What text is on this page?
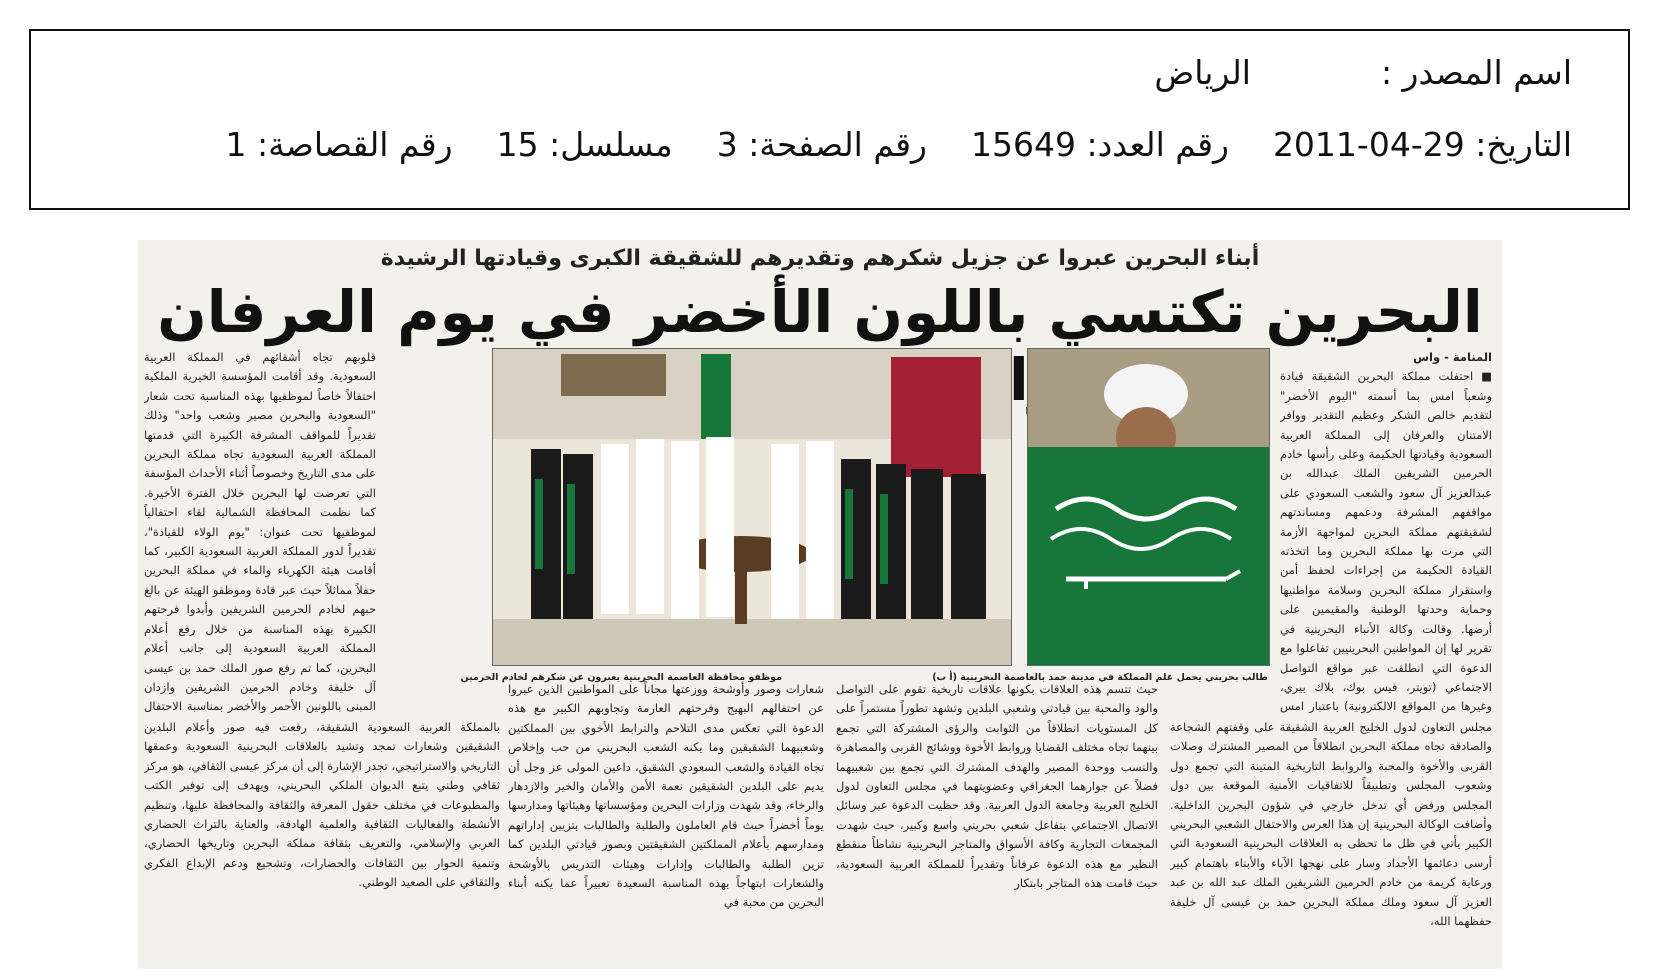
اسم المصدر :
الرياض
التاريخ: 2011-04-29
رقم العدد: 15649
رقم الصفحة: 3
مسلسل: 15
رقم القصاصة: 1
أبناء البحرين عبروا عن جزيل شكرهم وتقديرهم للشقيقة الكبرى وقيادتها الرشيدة
البحرين تكتسي باللون الأخضر في يوم العرفان
المنامة - واس
■ احتفلت مملكة البحرين الشقيقة قيادة وشعباً امس بما أسمته "اليوم الأخضر" لتقديم خالص الشكر وعظيم التقدير ووافر الامتنان والعرفان إلى المملكة العربية السعودية وقيادتها الحكيمة وعلى رأسها خادم الحرمين الشريفين الملك عبدالله بن عبدالعزيز آل سعود والشعب السعودي على مواقفهم المشرفة ودعمهم ومساندتهم لشقيقتهم مملكة البحرين لمواجهة الأزمة التي مرت بها مملكة البحرين وما اتخذته القيادة الحكيمة من إجراءات لحفظ أمن واستقرار مملكة البحرين وسلامة مواطنيها وحماية وحدتها الوطنية والمقيمين على أرضها. وقالت وكالة الأنباء البحرينية في تقرير لها إن المواطنين البحرينيين تفاعلوا مع الدعوة التي انطلقت عبر مواقع التواصل الاجتماعي (تويتر، فيس بوك، بلاك بيري، وغيرها من المواقع الالكترونية) باعتبار امس
طالب بحريني يحمل علم المملكة في مدينة حمد بالعاصمة البحرينية (أ ب)
موظفو محافظة العاصمة البحرينية يعبرون عن شكرهم لخادم الحرمين
قلوبهم تجاه أشقائهم في المملكة العربية السعودية. وقد أقامت المؤسسة الخيرية الملكية احتفالاً خاصاً لموظفيها بهذه المناسبة تحت شعار "السعودية والبحرين مصير وشعب واحد" وذلك تقديراً للمواقف المشرفة الكبيرة التي قدمتها المملكة العربية السعودية تجاه مملكة البحرين على مدى التاريخ وخصوصاً أثناء الأحداث المؤسفة التي تعرضت لها البحرين خلال الفترة الأخيرة. كما نظمت المحافظة الشمالية لقاء احتفالياً لموظفيها تحت عنوان: "يوم الولاء للقيادة"، تقديراً لدور المملكة العربية السعودية الكبير، كما أقامت هيئة الكهرباء والماء في مملكة البحرين حفلاً مماثلاً حيث عبر قادة وموظفو الهيئة عن بالغ حبهم لخادم الحرمين الشريفين وأبدوا فرحتهم الكبيرة بهذه المناسبة من خلال رفع أعلام المملكة العربية السعودية إلى جانب أعلام البحرين، كما تم رفع صور الملك حمد بن عيسى آل خليفة وخادم الحرمين الشريفين وازدان المبنى باللونين الأحمر والأخضر بمناسبة الاحتفال
مجلس التعاون لدول الخليج العربية الشقيقة على وقفتهم الشجاعة والصادقة تجاه مملكة البحرين انطلاقاً من المصير المشترك وصلات القربى والأخوة والمحبة والروابط التاريخية المتينة التي تجمع دول وشعوب المجلس وتطبيقاً للاتفاقيات الأمنية الموقعة بين دول المجلس ورفض أي تدخل خارجي في شؤون البحرين الداخلية. وأضافت الوكالة البحرينية إن هذا العرس والاحتفال الشعبي البحريني الكبير يأتي في ظل ما تحظى به العلاقات البحرينية السعودية التي أرسى دعائمها الأجداد وسار على نهجها الآباء والأبناء باهتمام كبير ورعاية كريمة من خادم الحرمين الشريفين الملك عبد الله بن عبد العزيز آل سعود وملك مملكة البحرين حمد بن عيسى آل خليفة حفظهما الله،
حيث تتسم هذه العلاقات بكونها علاقات تاريخية تقوم على التواصل والود والمحبة بين قيادتي وشعبي البلدين وتشهد تطوراً مستمراً على كل المستويات انطلاقاً من الثوابت والرؤى المشتركة التي تجمع بينهما تجاه مختلف القضايا وروابط الأخوة ووشائج القربى والمصاهرة والنسب ووحدة المصير والهدف المشترك التي تجمع بين شعبيهما فضلاً عن جوارهما الجغرافي وعضويتهما في مجلس التعاون لدول الخليج العربية وجامعة الدول العربية. وقد حظيت الدعوة عبر وسائل الاتصال الاجتماعي بتفاعل شعبي بحريني واسع وكبير، حيث شهدت المجمعات التجارية وكافة الأسواق والمتاجر البحرينية نشاطاً منقطع النظير مع هذه الدعوة عرفاناً وتقديراً للمملكة العربية السعودية، حيث قامت هذه المتاجر بابتكار
شعارات وصور وأوشحة ووزعتها مجاناً على المواطنين الذين عبروا عن احتفالهم البهيج وفرحتهم العارمة وتجاوبهم الكبير مع هذه الدعوة التي تعكس مدى التلاحم والترابط الأخوي بين المملكتين وشعبيهما الشقيقين وما يكنه الشعب البحريني من حب وإخلاص تجاه القيادة والشعب السعودي الشقيق، داعين المولى عز وجل أن يديم على البلدين الشقيقين نعمة الأمن والأمان والخير والازدهار والرخاء، وقد شهدت وزارات البحرين ومؤسساتها وهيئاتها ومدارسها يوماً أخضراً حيث قام العاملون والطلبة والطالبات بتزيين إداراتهم ومدارسهم بأعلام المملكتين الشقيقتين وبصور قيادتي البلدين كما تزين الطلبة والطالبات وإدارات وهيئات التدريس بالأوشحة والشعارات ابتهاجاً بهذه المناسبة السعيدة تعبيراً عما يكنه أبناء البحرين من محبة في
بالمملكة العربية السعودية الشقيقة، رفعت فيه صور وأعلام البلدين الشقيقين وشعارات تمجد وتشيد بالعلاقات البحرينية السعودية وعمقها التاريخي والاستراتيجي، تجدر الإشارة إلى أن مركز عيسى الثقافي، هو مركز ثقافي وطني يتبع الديوان الملكي البحريني، ويهدف إلى توفير الكتب والمطبوعات في مختلف حقول المعرفة والثقافة والمحافظة عليها، وتنظيم الأنشطة والفعاليات الثقافية والعلمية الهادفة، والعناية بالتراث الحضاري العربي والإسلامي، والتعريف بثقافة مملكة البحرين وتاريخها الحضاري، وتنمية الحوار بين الثقافات والحضارات، وتشجيع ودعم الإبداع الفكري والثقافي على الصعيد الوطني.
